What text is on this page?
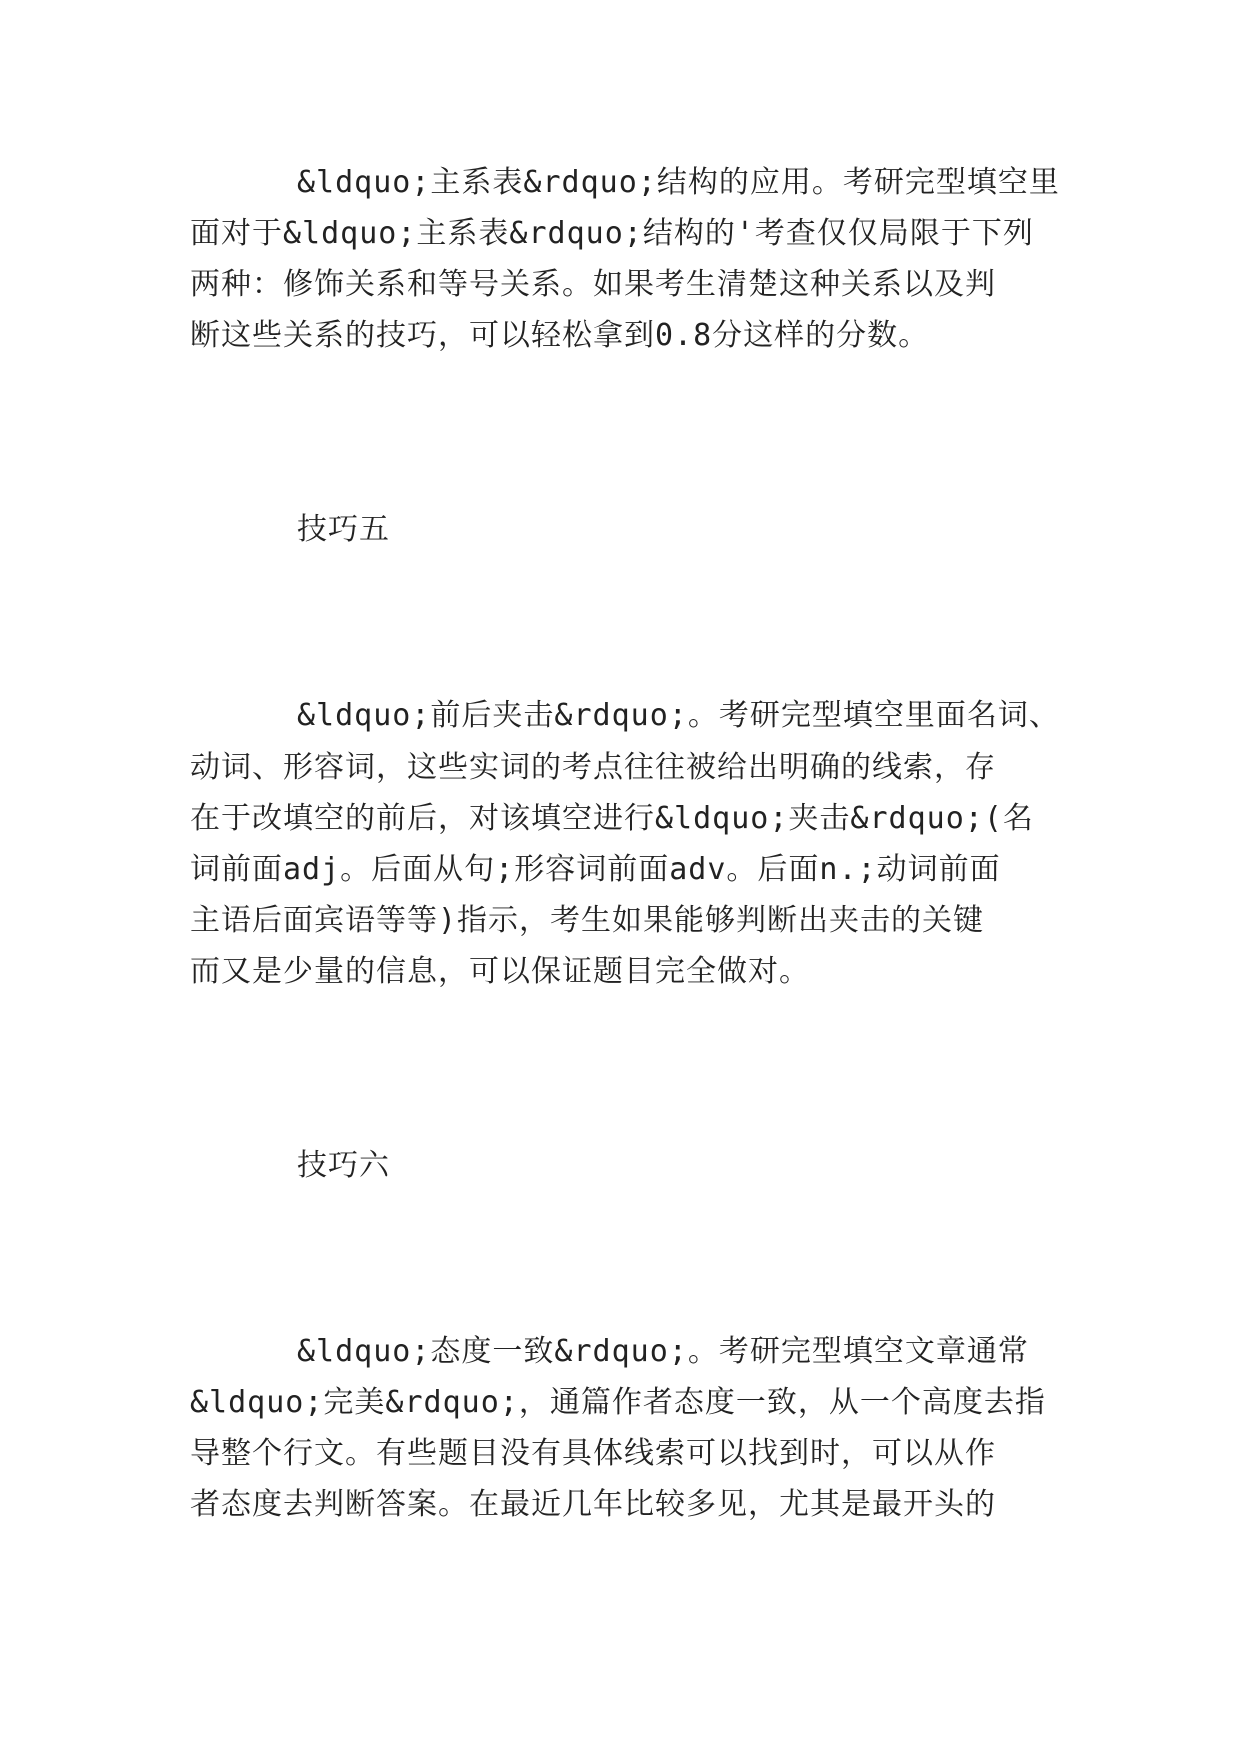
&ldquo;主系表&rdquo;结构的应用。考研完型填空里
面对于&ldquo;主系表&rdquo;结构的'考查仅仅局限于下列
两种：修饰关系和等号关系。如果考生清楚这种关系以及判
断这些关系的技巧，可以轻松拿到0.8分这样的分数。
技巧五
&ldquo;前后夹击&rdquo;。考研完型填空里面名词、
动词、形容词，这些实词的考点往往被给出明确的线索，存
在于改填空的前后，对该填空进行&ldquo;夹击&rdquo;(名
词前面adj。后面从句;形容词前面adv。后面n.;动词前面
主语后面宾语等等)指示，考生如果能够判断出夹击的关键
而又是少量的信息，可以保证题目完全做对。
技巧六
&ldquo;态度一致&rdquo;。考研完型填空文章通常
&ldquo;完美&rdquo;，通篇作者态度一致，从一个高度去指
导整个行文。有些题目没有具体线索可以找到时，可以从作
者态度去判断答案。在最近几年比较多见，尤其是最开头的
